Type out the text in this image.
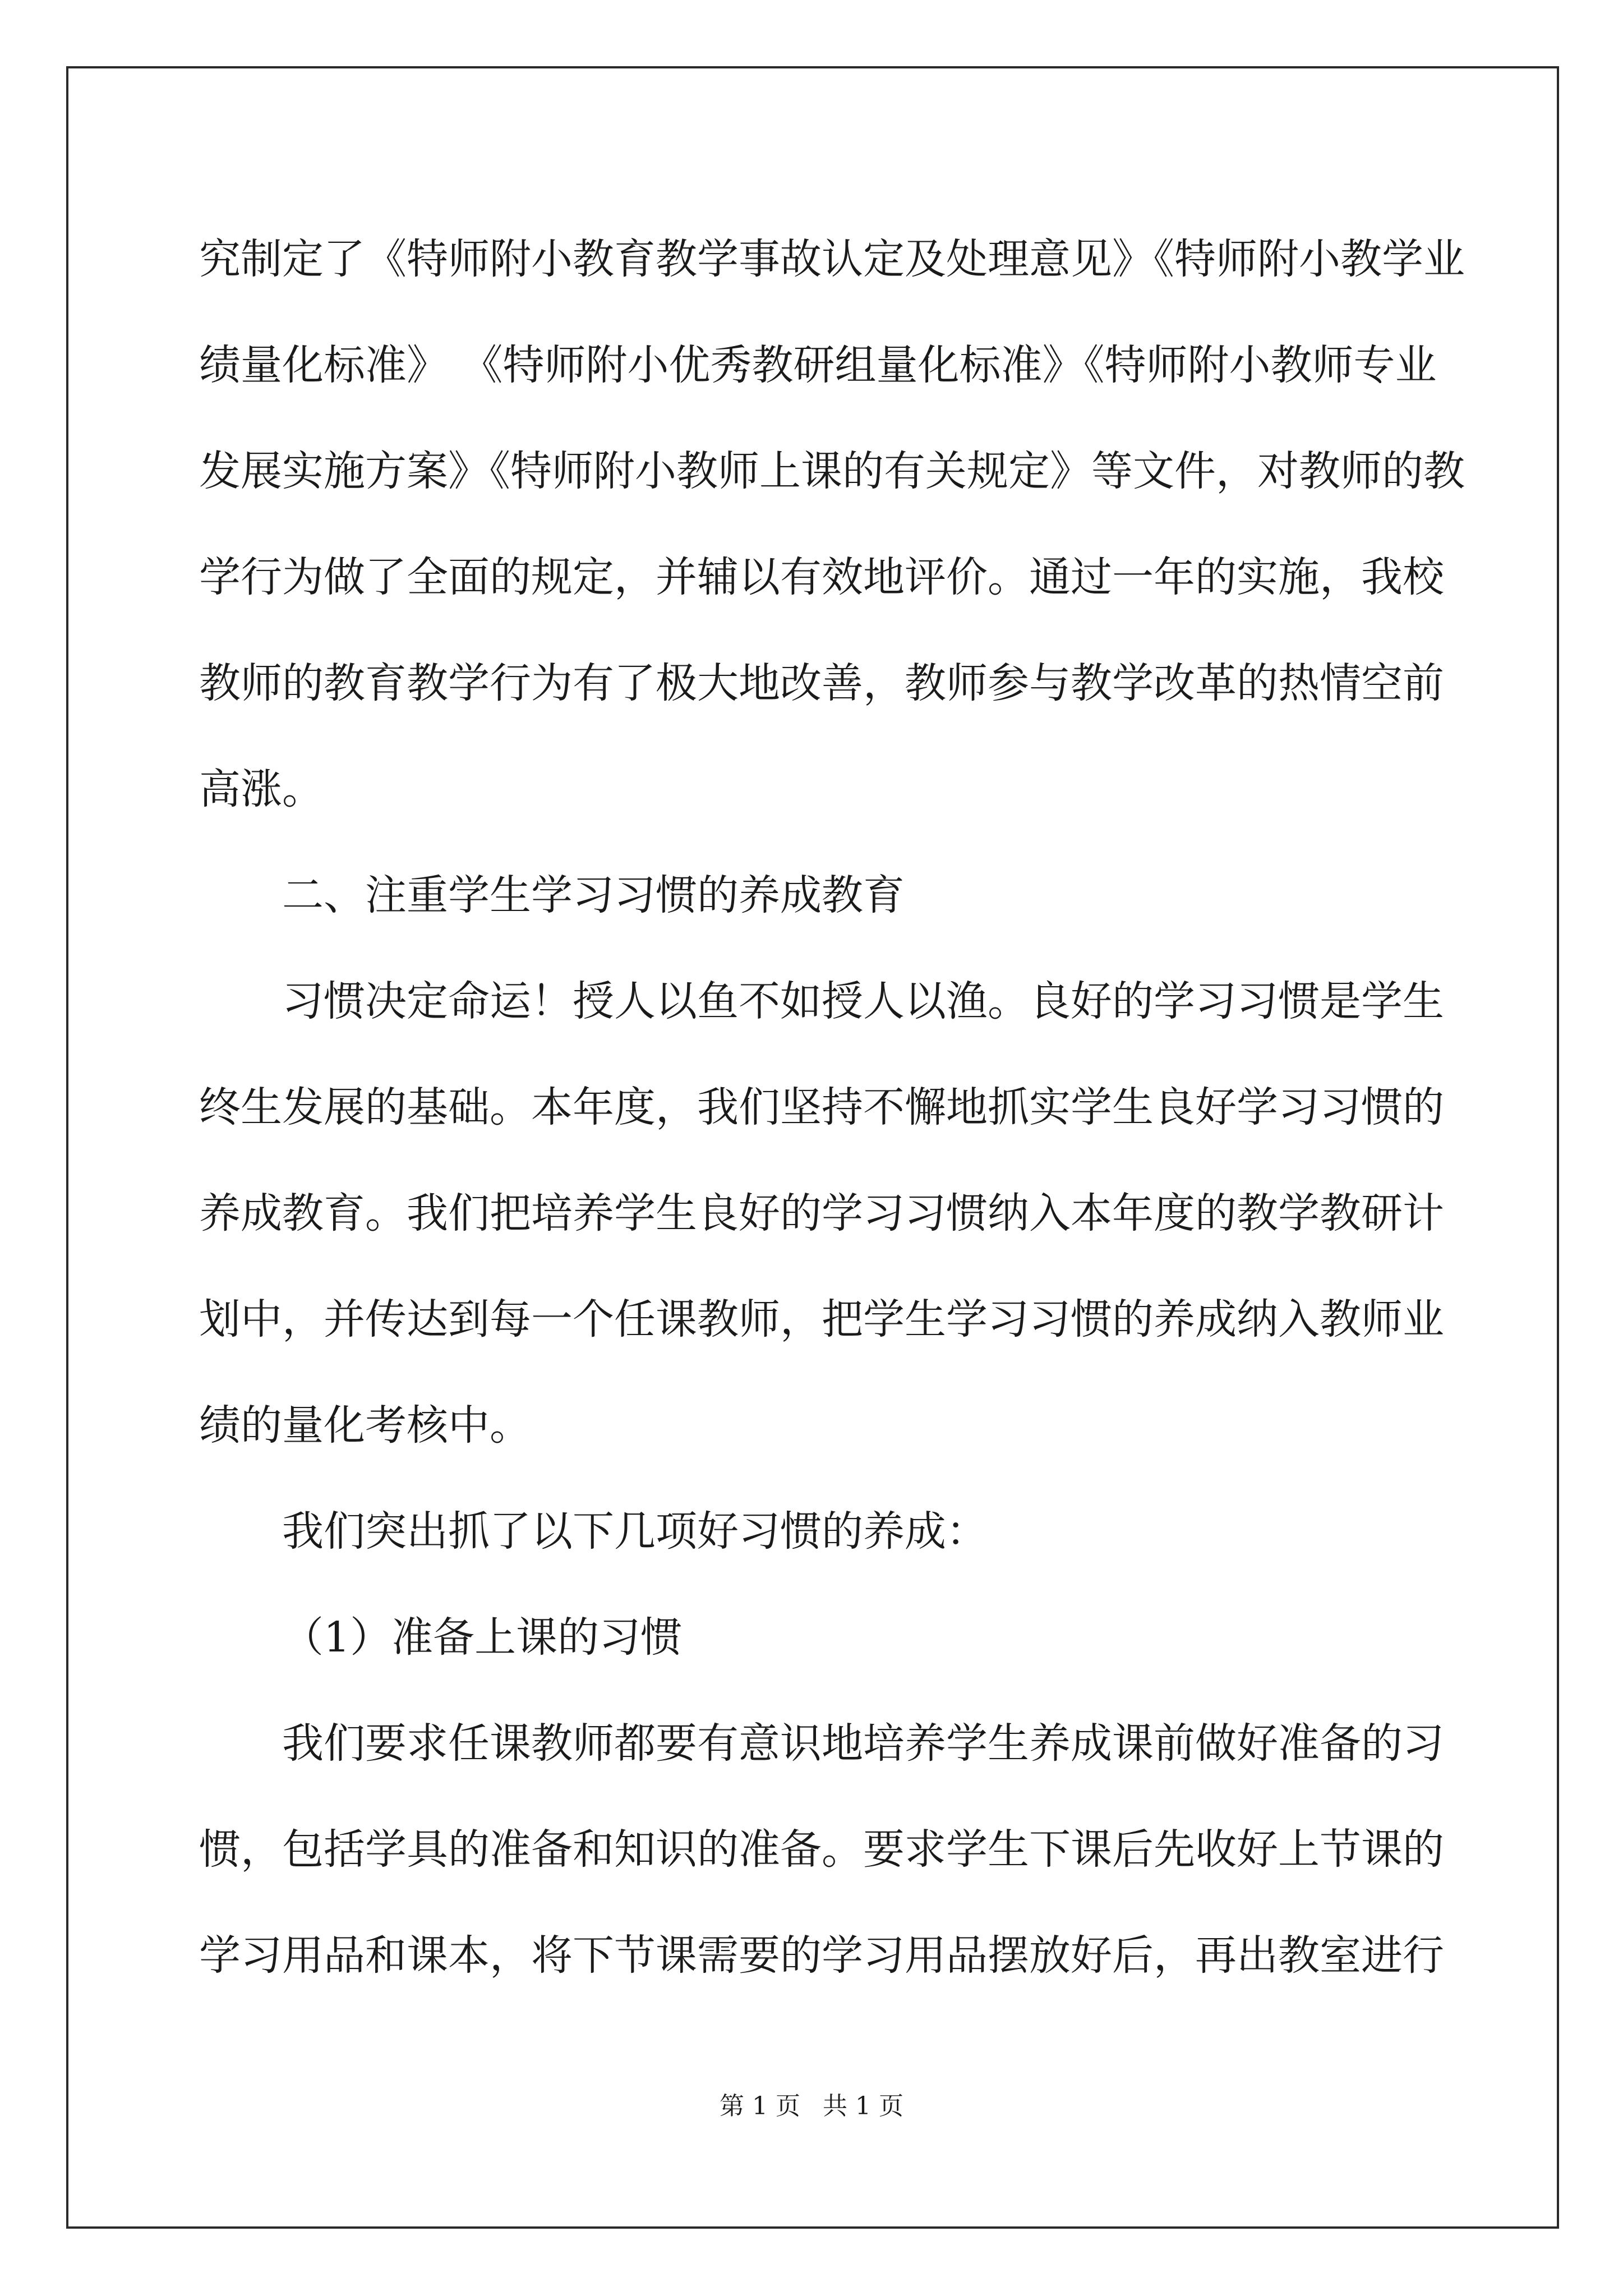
究制定了《特师附小教育教学事故认定及处理意见》《特师附小教学业
绩量化标准》 《特师附小优秀教研组量化标准》《特师附小教师专业
发展实施方案》《特师附小教师上课的有关规定》等文件，对教师的教
学行为做了全面的规定，并辅以有效地评价。通过一年的实施，我校
教师的教育教学行为有了极大地改善，教师参与教学改革的热情空前
高涨。
二、注重学生学习习惯的养成教育
习惯决定命运！授人以鱼不如授人以渔。良好的学习习惯是学生
终生发展的基础。本年度，我们坚持不懈地抓实学生良好学习习惯的
养成教育。我们把培养学生良好的学习习惯纳入本年度的教学教研计
划中，并传达到每一个任课教师，把学生学习习惯的养成纳入教师业
绩的量化考核中。
我们突出抓了以下几项好习惯的养成：
（1）准备上课的习惯
我们要求任课教师都要有意识地培养学生养成课前做好准备的习
惯，包括学具的准备和知识的准备。要求学生下课后先收好上节课的
学习用品和课本，将下节课需要的学习用品摆放好后，再出教室进行
第 1 页 共 1 页
